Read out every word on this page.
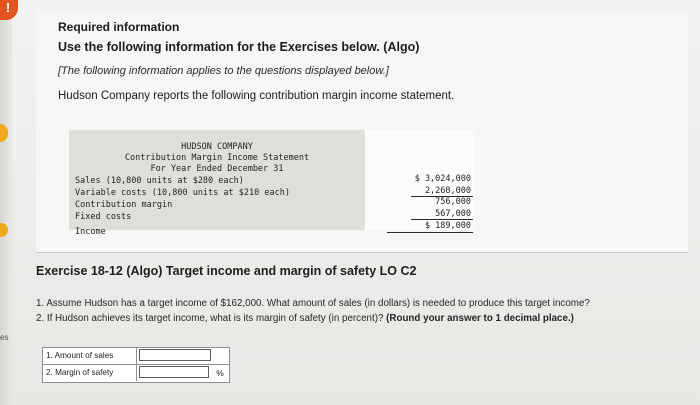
!
es
Required information
Use the following information for the Exercises below. (Algo)
[The following information applies to the questions displayed below.]
Hudson Company reports the following contribution margin income statement.
$ 3,024,000
2,268,000
756,000
567,000
$ 189,000
HUDSON COMPANY
Contribution Margin Income Statement
For Year Ended December 31
Sales (10,800 units at $280 each)
Variable costs (10,800 units at $210 each)
Contribution margin
Fixed costs
Income
Exercise 18-12 (Algo) Target income and margin of safety LO C2
1. Assume Hudson has a target income of $162,000. What amount of sales (in dollars) is needed to produce this target income?
2. If Hudson achieves its target income, what is its margin of safety (in percent)? (Round your answer to 1 decimal place.)
1. Amount of sales
2. Margin of safety	%
